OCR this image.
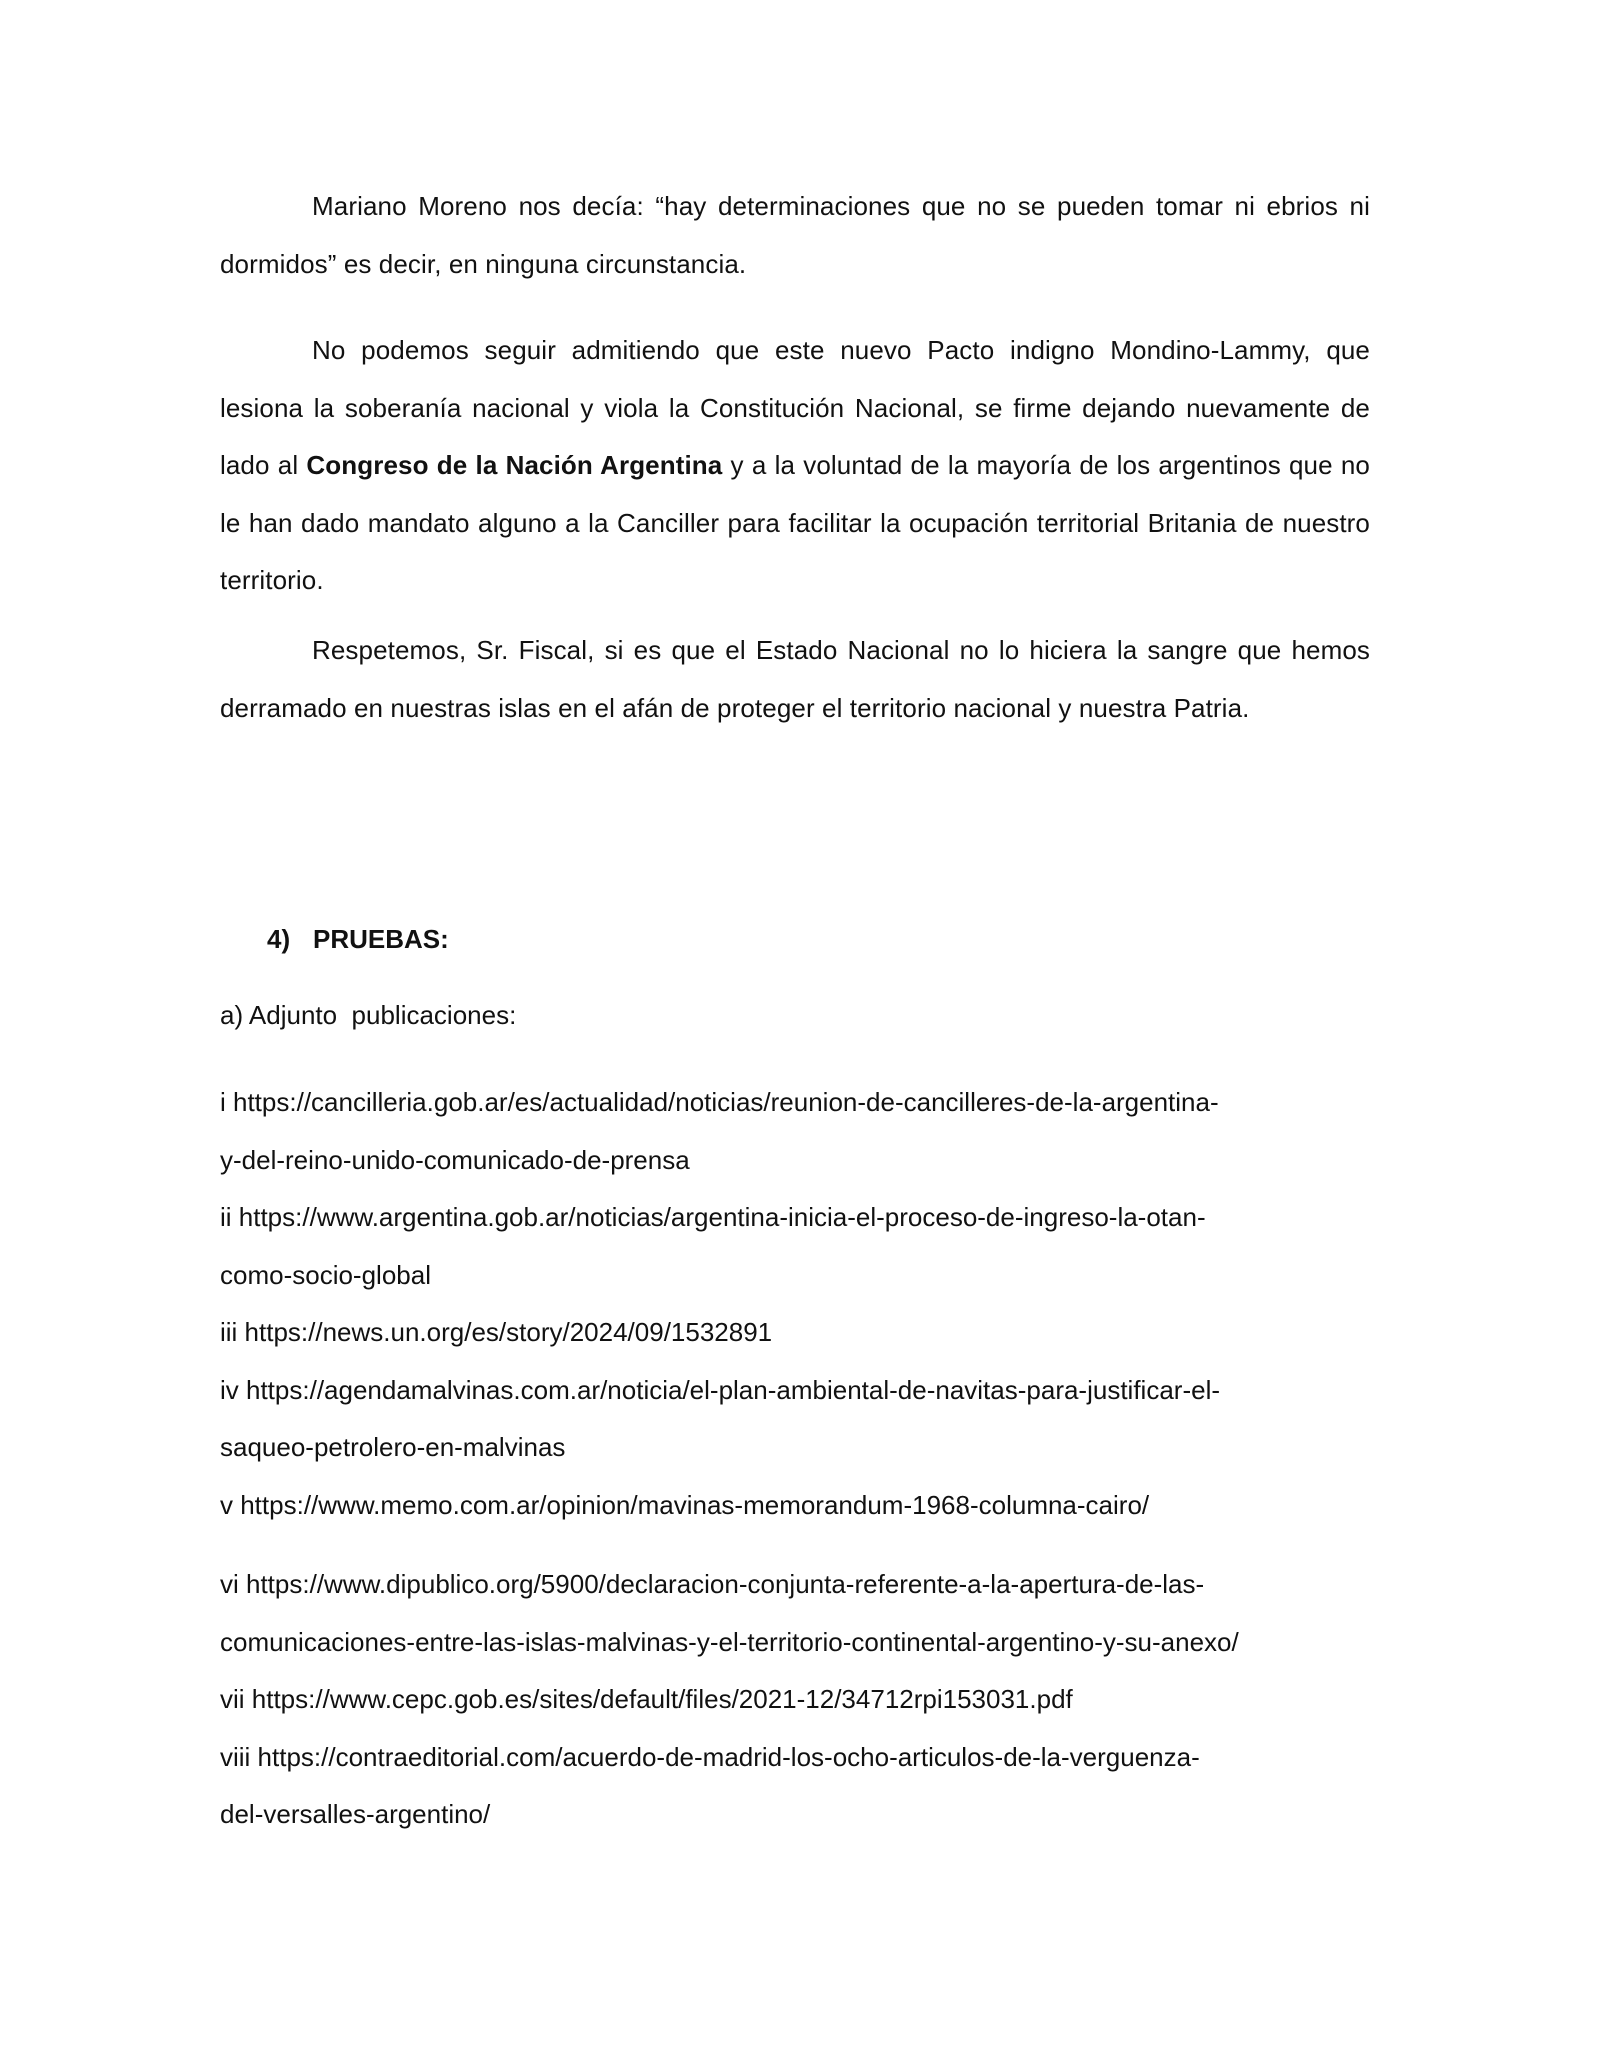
Mariano Moreno nos decía: “hay determinaciones que no se pueden tomar ni ebrios ni dormidos” es decir, en ninguna circunstancia.

No podemos seguir admitiendo que este nuevo Pacto indigno Mondino-Lammy, que lesiona la soberanía nacional y viola la Constitución Nacional, se firme dejando nuevamente de lado al Congreso de la Nación Argentina y a la voluntad de la mayoría de los argentinos que no le han dado mandato alguno a la Canciller para facilitar la ocupación territorial Britania de nuestro territorio.

Respetemos, Sr. Fiscal, si es que el Estado Nacional no lo hiciera la sangre que hemos derramado en nuestras islas en el afán de proteger el territorio nacional y nuestra Patria.

4) PRUEBAS:

a) Adjunto  publicaciones:

i https://cancilleria.gob.ar/es/actualidad/noticias/reunion-de-cancilleres-de-la-argentina-
y-del-reino-unido-comunicado-de-prensa
ii https://www.argentina.gob.ar/noticias/argentina-inicia-el-proceso-de-ingreso-la-otan-
como-socio-global
iii https://news.un.org/es/story/2024/09/1532891
iv https://agendamalvinas.com.ar/noticia/el-plan-ambiental-de-navitas-para-justificar-el-
saqueo-petrolero-en-malvinas
v https://www.memo.com.ar/opinion/mavinas-memorandum-1968-columna-cairo/
vi https://www.dipublico.org/5900/declaracion-conjunta-referente-a-la-apertura-de-las-
comunicaciones-entre-las-islas-malvinas-y-el-territorio-continental-argentino-y-su-anexo/
vii https://www.cepc.gob.es/sites/default/files/2021-12/34712rpi153031.pdf
viii https://contraeditorial.com/acuerdo-de-madrid-los-ocho-articulos-de-la-verguenza-
del-versalles-argentino/
